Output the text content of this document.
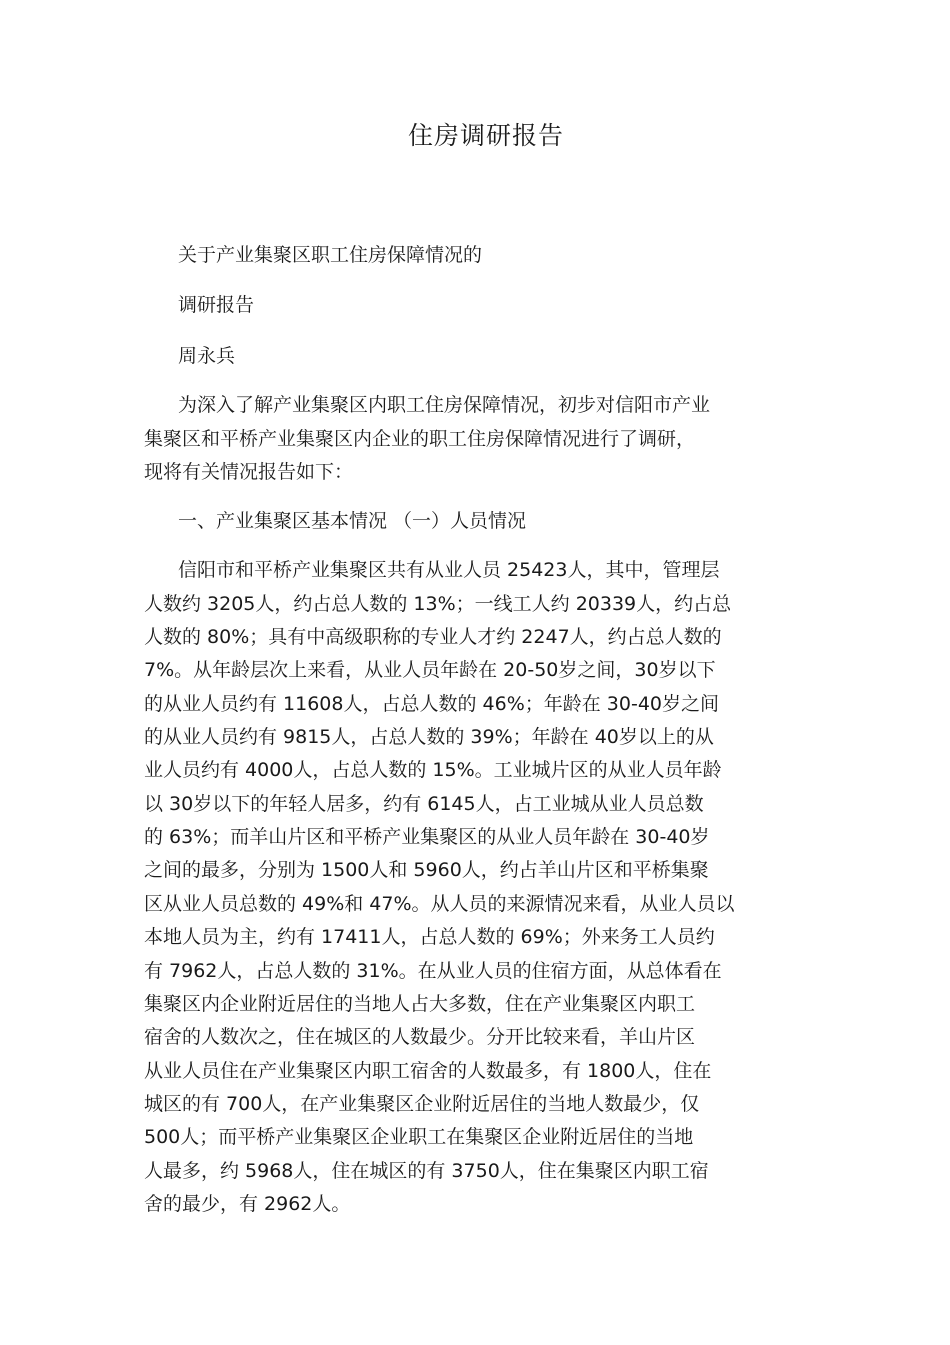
住房调研报告
关于产业集聚区职工住房保障情况的
调研报告
周永兵
为深入了解产业集聚区内职工住房保障情况，初步对信阳市产业
集聚区和平桥产业集聚区内企业的职工住房保障情况进行了调研，
现将有关情况报告如下：
一、产业集聚区基本情况 （一）人员情况
信阳市和平桥产业集聚区共有从业人员 25423人，其中，管理层
人数约 3205人，约占总人数的 13%；一线工人约 20339人，约占总
人数的 80%；具有中高级职称的专业人才约 2247人，约占总人数的
7%。从年龄层次上来看，从业人员年龄在 20-50岁之间，30岁以下
的从业人员约有 11608人，占总人数的 46%；年龄在 30-40岁之间
的从业人员约有 9815人，占总人数的 39%；年龄在 40岁以上的从
业人员约有 4000人，占总人数的 15%。工业城片区的从业人员年龄
以 30岁以下的年轻人居多，约有 6145人，占工业城从业人员总数
的 63%；而羊山片区和平桥产业集聚区的从业人员年龄在 30-40岁
之间的最多，分别为 1500人和 5960人，约占羊山片区和平桥集聚
区从业人员总数的 49%和 47%。从人员的来源情况来看，从业人员以
本地人员为主，约有 17411人，占总人数的 69%；外来务工人员约
有 7962人，占总人数的 31%。在从业人员的住宿方面，从总体看在
集聚区内企业附近居住的当地人占大多数，住在产业集聚区内职工
宿舍的人数次之，住在城区的人数最少。分开比较来看，羊山片区
从业人员住在产业集聚区内职工宿舍的人数最多，有 1800人，住在
城区的有 700人，在产业集聚区企业附近居住的当地人数最少，仅
500人；而平桥产业集聚区企业职工在集聚区企业附近居住的当地
人最多，约 5968人，住在城区的有 3750人，住在集聚区内职工宿
舍的最少，有 2962人。
